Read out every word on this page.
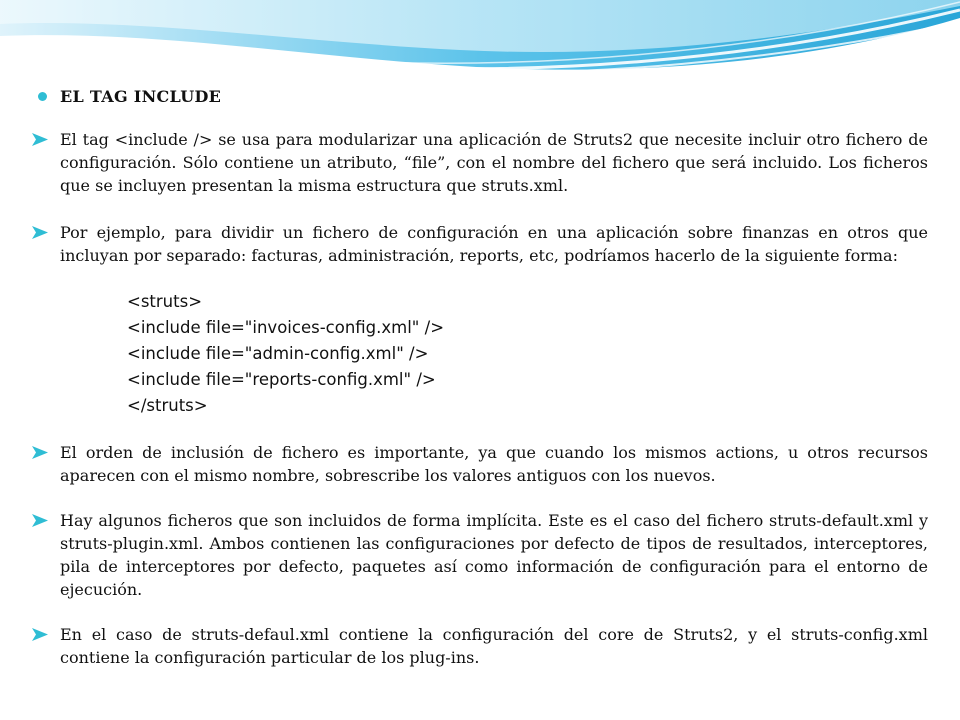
EL TAG INCLUDE
El tag <include /> se usa para modularizar una aplicación de Struts2 que necesite incluir otro fichero de configuración. Sólo contiene un atributo, “file”, con el nombre del fichero que será incluido. Los ficheros que se incluyen presentan la misma estructura que struts.xml.
Por ejemplo, para dividir un fichero de configuración en una aplicación sobre finanzas en otros que incluyan por separado: facturas, administración, reports, etc, podríamos hacerlo de la siguiente forma:
<struts>
<include file="invoices-config.xml" />
<include file="admin-config.xml" />
<include file="reports-config.xml" />
</struts>
El orden de inclusión de fichero es importante, ya que cuando los mismos actions, u otros recursos aparecen con el mismo nombre, sobrescribe los valores antiguos con los nuevos.
Hay algunos ficheros que son incluidos de forma implícita. Este es el caso del fichero struts-default.xml y struts-plugin.xml. Ambos contienen las configuraciones por defecto de tipos de resultados, interceptores, pila de interceptores por defecto, paquetes así como información de configuración para el entorno de ejecución.
En el caso de struts-defaul.xml contiene la configuración del core de Struts2, y el struts-config.xml contiene la configuración particular de los plug-ins.
